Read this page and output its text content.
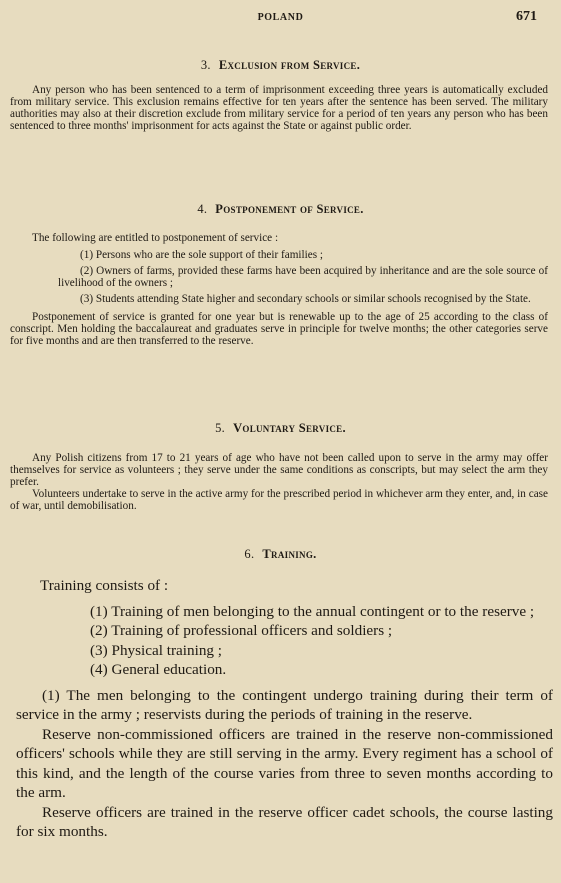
POLAND	671
3. Exclusion from Service.

Any person who has been sentenced to a term of imprisonment exceeding three years is automatically excluded from military service. This exclusion remains effective for ten years after the sentence has been served. The military authorities may also at their discretion exclude from military service for a period of ten years any person who has been sentenced to three months' imprisonment for acts against the State or against public order.

4. Postponement of Service.

The following are entitled to postponement of service :

(1) Persons who are the sole support of their families ;

(2) Owners of farms, provided these farms have been acquired by inheritance and are the sole source of livelihood of the owners ;

(3) Students attending State higher and secondary schools or similar schools recognised by the State.

Postponement of service is granted for one year but is renewable up to the age of 25 according to the class of conscript. Men holding the baccalaureat and graduates serve in principle for twelve months; the other categories serve for five months and are then transferred to the reserve.

5. Voluntary Service.

Any Polish citizens from 17 to 21 years of age who have not been called upon to serve in the army may offer themselves for service as volunteers ; they serve under the same conditions as conscripts, but may select the arm they prefer.

Volunteers undertake to serve in the active army for the prescribed period in whichever arm they enter, and, in case of war, until demobilisation.

6. Training.

Training consists of :

(1) Training of men belonging to the annual contingent or to the reserve ;

(2) Training of professional officers and soldiers ;

(3) Physical training ;

(4) General education.

(1) The men belonging to the contingent undergo training during their term of service in the army ; reservists during the periods of training in the reserve.

Reserve non-commissioned officers are trained in the reserve non-commissioned officers' schools while they are still serving in the army. Every regiment has a school of this kind, and the length of the course varies from three to seven months according to the arm.

Reserve officers are trained in the reserve officer cadet schools, the course lasting for six months.
